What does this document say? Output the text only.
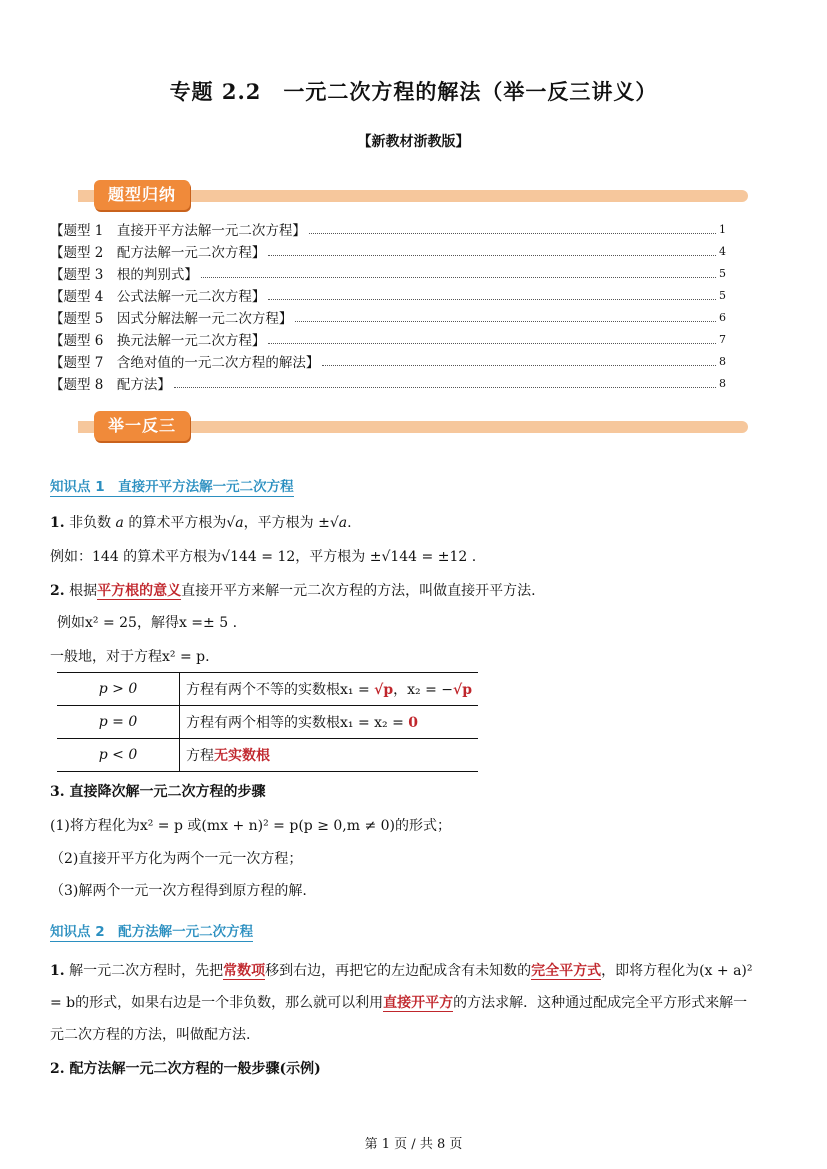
专题 2.2　一元二次方程的解法（举一反三讲义）
【新教材浙教版】
题型归纳
【题型 1　直接开平方法解一元二次方程】	1
【题型 2　配方法解一元二次方程】	4
【题型 3　根的判别式】	5
【题型 4　公式法解一元二次方程】	5
【题型 5　因式分解法解一元二次方程】	6
【题型 6　换元法解一元二次方程】	7
【题型 7　含绝对值的一元二次方程的解法】	8
【题型 8　配方法】	8
举一反三
知识点 1　直接开平方法解一元二次方程
1. 非负数 a 的算术平方根为√a，平方根为 ±√a.
例如：144 的算术平方根为√144 = 12，平方根为 ±√144 = ±12 .
2. 根据平方根的意义直接开平方来解一元二次方程的方法，叫做直接开平方法.
例如x² = 25，解得x =± 5 .
一般地，对于方程x² = p.
p > 0	方程有两个不等的实数根x₁ = √p，x₂ = −√p
p = 0	方程有两个相等的实数根x₁ = x₂ = 0
p < 0	方程无实数根
3. 直接降次解一元二次方程的步骤
(1)将方程化为x² = p 或(mx + n)² = p(p ≥ 0,m ≠ 0)的形式；
（2)直接开平方化为两个一元一次方程；
（3)解两个一元一次方程得到原方程的解.
知识点 2　配方法解一元二次方程
1. 解一元二次方程时，先把常数项移到右边，再把它的左边配成含有未知数的完全平方式，即将方程化为(x + a)²
= b的形式，如果右边是一个非负数，那么就可以利用直接开平方的方法求解．这种通过配成完全平方形式来解一
元二次方程的方法，叫做配方法.
2. 配方法解一元二次方程的一般步骤(示例)
第 1 页 / 共 8 页
